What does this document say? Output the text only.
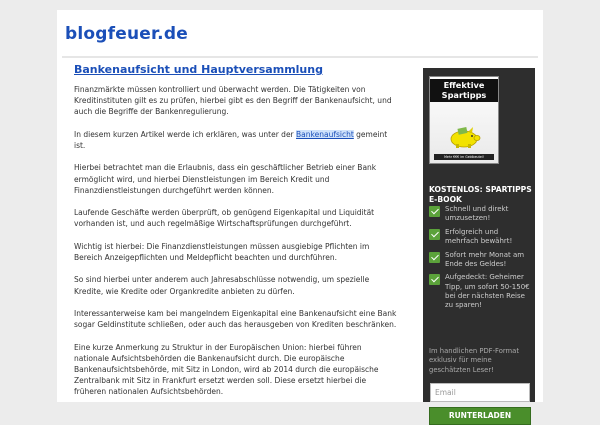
blogfeuer.de
Bankenaufsicht und Hauptversammlung

Finanzmärkte müssen kontrolliert und überwacht werden. Die Tätigkeiten von Kreditinstituten gilt es zu prüfen, hierbei gibt es den Begriff der Bankenaufsicht, und auch die Begriffe der Bankenregulierung.

In diesem kurzen Artikel werde ich erklären, was unter der Bankenaufsicht gemeint ist.

Hierbei betrachtet man die Erlaubnis, dass ein geschäftlicher Betrieb einer Bank ermöglicht wird, und hierbei Dienstleistungen im Bereich Kredit und Finanzdienstleistungen durchgeführt werden können.

Laufende Geschäfte werden überprüft, ob genügend Eigenkapital und Liquidität vorhanden ist, und auch regelmäßige Wirtschaftsprüfungen durchgeführt.

Wichtig ist hierbei: Die Finanzdienstleistungen müssen ausgiebige Pflichten im Bereich Anzeigepflichten und Meldepflicht beachten und durchführen.

So sind hierbei unter anderem auch Jahresabschlüsse notwendig, um spezielle Kredite, wie Kredite oder Organkredite anbieten zu dürfen.

Interessanterweise kam bei mangelndem Eigenkapital eine Bankenaufsicht eine Bank sogar Geldinstitute schließen, oder auch das herausgeben von Krediten beschränken.

Eine kurze Anmerkung zu Struktur in der Europäischen Union: hierbei führen nationale Aufsichtsbehörden die Bankenaufsicht durch. Die europäische Bankenaufsichtsbehörde, mit Sitz in London, wird ab 2014 durch die europäische Zentralbank mit Sitz in Frankfurt ersetzt werden soll. Diese ersetzt hierbei die früheren nationalen Aufsichtsbehörden.

Effektive
Spartipps
Mehr €€€ im Geldbeutel!
KOSTENLOS: SPARTIPPS E-BOOK
Schnell und direkt umzusetzen!
Erfolgreich und mehrfach bewährt!
Sofort mehr Monat am Ende des Geldes!
Aufgedeckt: Geheimer Tipp, um sofort 50-150€ bei der nächsten Reise zu sparen!
Im handlichen PDF-Format exklusiv für meine geschätzten Leser!
Email
RUNTERLADEN
